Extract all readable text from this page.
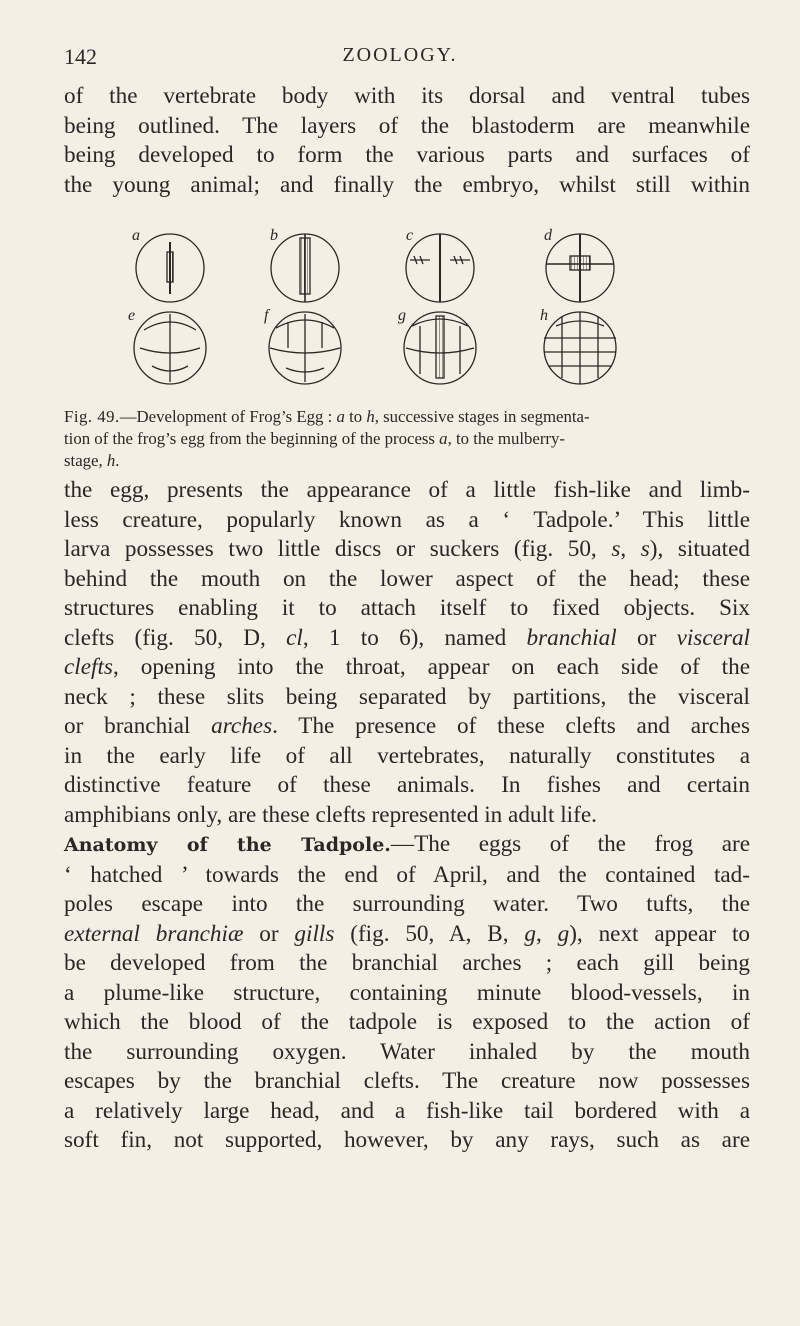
142	ZOOLOGY.

of the vertebrate body with its dorsal and ventral tubes
being outlined. The layers of the blastoderm are meanwhile
being developed to form the various parts and surfaces of
the young animal; and finally the embryo, whilst still within

a	b	c	d
e	f	g	h

Fig. 49.—Development of Frog’s Egg : a to h, successive stages in segmenta-
tion of the frog’s egg from the beginning of the process a, to the mulberry-
stage, h.

the egg, presents the appearance of a little fish-like and limb-
less creature, popularly known as a ‘ Tadpole.’ This little
larva possesses two little discs or suckers (fig. 50, s, s), situated
behind the mouth on the lower aspect of the head; these
structures enabling it to attach itself to fixed objects. Six
clefts (fig. 50, D, cl, 1 to 6), named branchial or visceral
clefts, opening into the throat, appear on each side of the
neck ; these slits being separated by partitions, the visceral
or branchial arches. The presence of these clefts and arches
in the early life of all vertebrates, naturally constitutes a
distinctive feature of these animals. In fishes and certain
amphibians only, are these clefts represented in adult life.
Anatomy of the Tadpole.—The eggs of the frog are
‘ hatched ’ towards the end of April, and the contained tad-
poles escape into the surrounding water. Two tufts, the
external branchiæ or gills (fig. 50, A, B, g, g), next appear to
be developed from the branchial arches ; each gill being
a plume-like structure, containing minute blood-vessels, in
which the blood of the tadpole is exposed to the action of
the surrounding oxygen. Water inhaled by the mouth
escapes by the branchial clefts. The creature now possesses
a relatively large head, and a fish-like tail bordered with a
soft fin, not supported, however, by any rays, such as are
